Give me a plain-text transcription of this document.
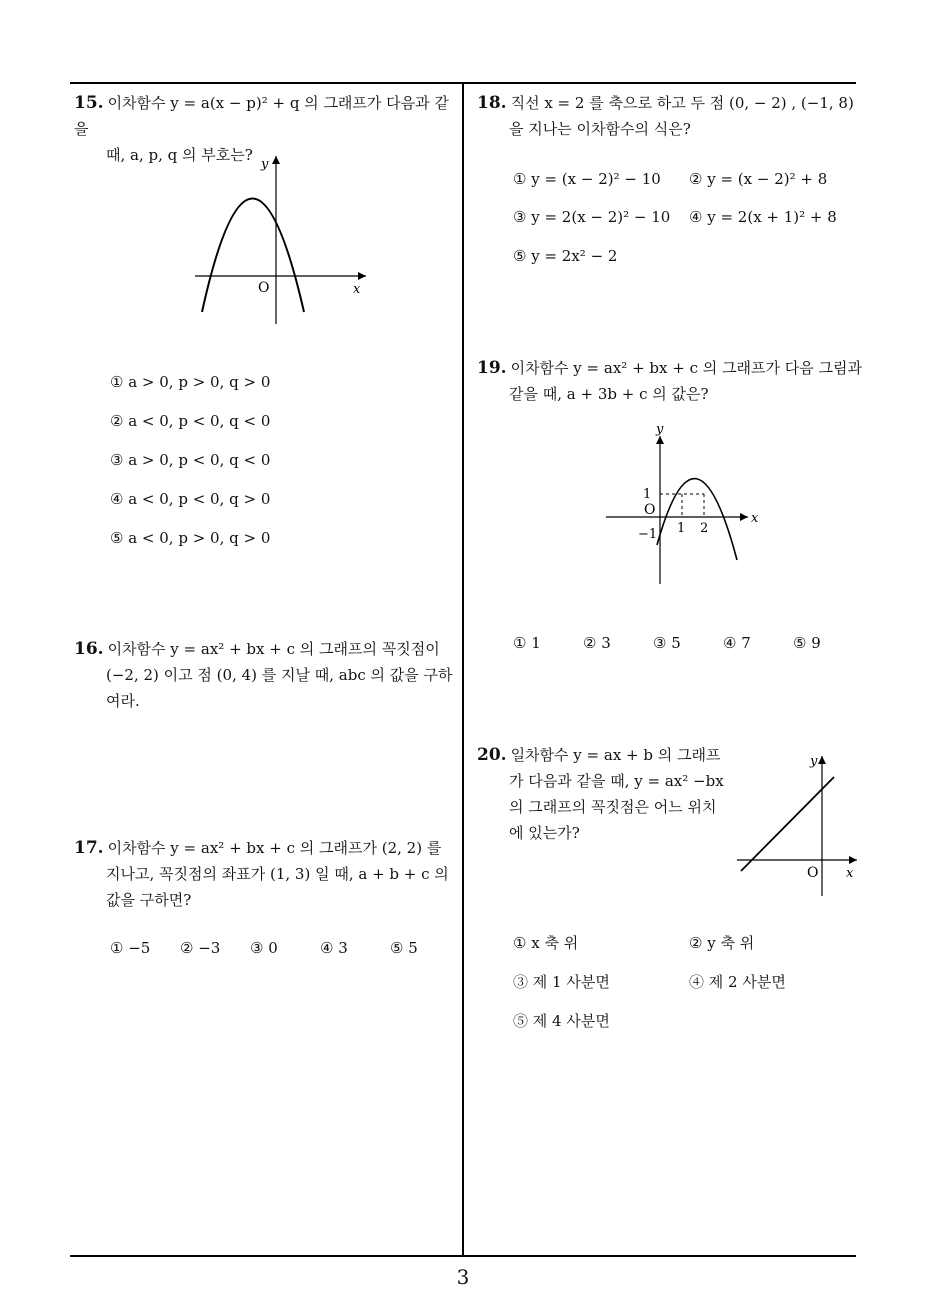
15. 이차함수 y = a(x − p)² + q 의 그래프가 다음과 같을
때, a, p, q 의 부호는?
O	x
y
① a > 0, p > 0, q > 0
② a < 0, p < 0, q < 0
③ a > 0, p < 0, q < 0
④ a < 0, p < 0, q > 0
⑤ a < 0, p > 0, q > 0
16. 이차함수 y = ax² + bx + c 의 그래프의 꼭짓점이
(−2, 2) 이고 점 (0, 4) 를 지날 때, abc 의 값을 구하
여라.
17. 이차함수 y = ax² + bx + c 의 그래프가 (2, 2) 를
지나고, 꼭짓점의 좌표가 (1, 3) 일 때, a + b + c 의
값을 구하면?
① −5 ② −3 ③ 0	④ 3	⑤ 5
18. 직선 x = 2 를 축으로 하고 두 점 (0, − 2) , (−1, 8)
을 지나는 이차함수의 식은?
① y = (x − 2)² − 10 ② y = (x − 2)² + 8
③ y = 2(x − 2)² − 10 ④ y = 2(x + 1)² + 8
⑤ y = 2x² − 2
19. 이차함수 y = ax² + bx + c 의 그래프가 다음 그림과
같을 때, a + 3b + c 의 값은?
1
O
−1 1 2
x
y
① 1	② 3	③ 5	④ 7	⑤ 9
20. 일차함수 y = ax + b 의 그래프
가 다음과 같을 때, y = ax² −bx
의 그래프의 꼭짓점은 어느 위치
에 있는가?
O x
y
① x 축 위	② y 축 위
③ 제 1 사분면	④ 제 2 사분면
⑤ 제 4 사분면
3
